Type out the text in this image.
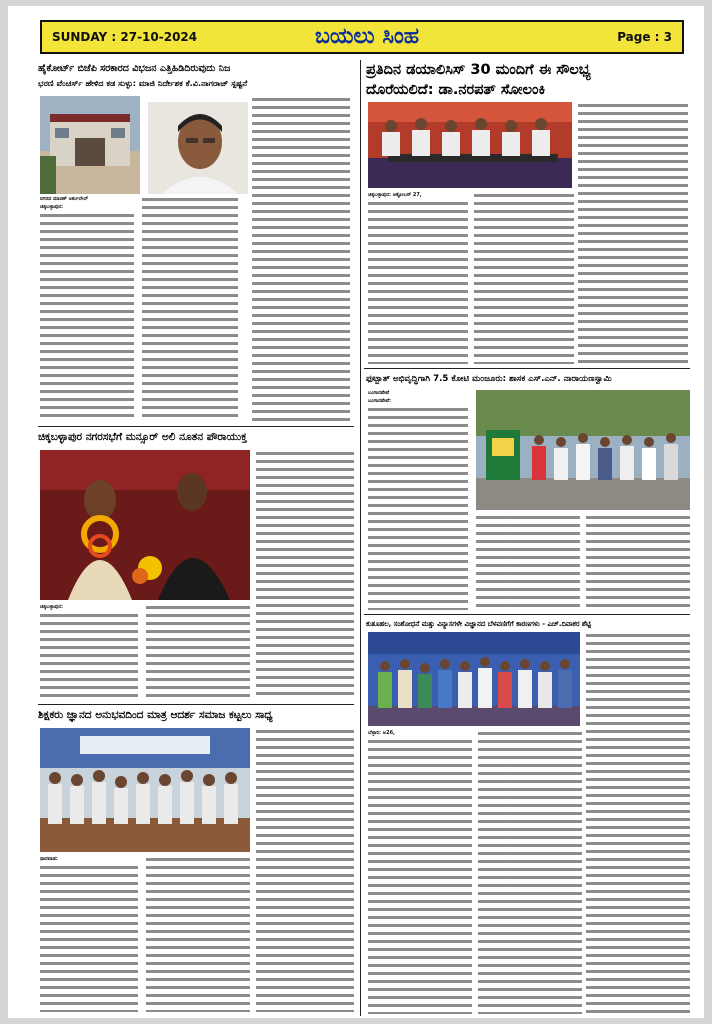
SUNDAY : 27-10-2024	ಬಯಲು ಸಿಂಹ	Page : 3
ಹೈಕೋರ್ಟ್ ಬಿಜೆಪಿ ಸರಕಾರದ ವಿಭಜನ ಎತ್ತಿಹಿಡಿದಿರುವುದು ನಿಜ
ಭರಣಿ ವೆಂಚರ್ಸ್ ಹೇಳಿದ ಕಡ ಸುಳ್ಳು: ಮಾಜಿ ನಿರ್ದೇಶಕ ಕೆ.ವಿ.ನಾಗರಾಜ್ ಸ್ಪಷ್ಟನೆ
ನಗರದ ಮಾಜಿಕ್ ಅರ್ಕುಲೇಲ್
ಚಿಕ್ಕಬಳ್ಳಾಪುರ:
ಚಿಕ್ಕಬಳ್ಳಾಪುರ ನಗರಸಭೆಗೆ ಮನ್ಸೂರ್ ಅಲಿ ನೂತನ ಪೌರಾಯುಕ್ತ
ಚಿಕ್ಕಬಳ್ಳಾಪುರ:
ಶಿಕ್ಷಕರು ಜ್ಞಾನದ ಅನುಭವದಿಂದ ಮಾತ್ರ ಆದರ್ಶ ಸಮಾಜ ಕಟ್ಟಲು ಸಾಧ್ಯ
ಧಾರವಾಡ:
ಪ್ರತಿದಿನ ಡಯಾಲಿಸಿಸ್ 30 ಮಂದಿಗೆ ಈ ಸೌಲಭ್ಯ
ದೊರೆಯಲಿದೆ: ಡಾ.ನರಪತ್ ಸೋಲಂಕಿ
ಚಿಕ್ಕಬಳ್ಳಾಪುರ: ಅಕ್ಟೋಬರ್ 27,
ಫುಟ್ಬಾತ್ ಅಭಿವೃದ್ಧಿಗಾಗಿ 7.5 ಕೋಟಿ ಮಂಜೂರು: ಶಾಸಕ ಎಸ್.ಎನ್. ನಾರಾಯಣಸ್ವಾಮಿ
ಬಂಗಾರಪೇಟೆ
ಬಂಗಾರಪೇಟೆ:
ಕುತೂಹಲ, ಸಂಶೋಧನೆ ಮತ್ತು ವಿನ್ಯಾಸಗಳೇ ವಿಜ್ಞಾನದ ಬೆಳವಣಿಗೆಗೆ ಕಾರಣಗಳು - ಎಚ್.ದಿವಾಕರ ಶೆಟ್ಟಿ
ಬೆಳ್ಳಾರಿ: ಅ26,
